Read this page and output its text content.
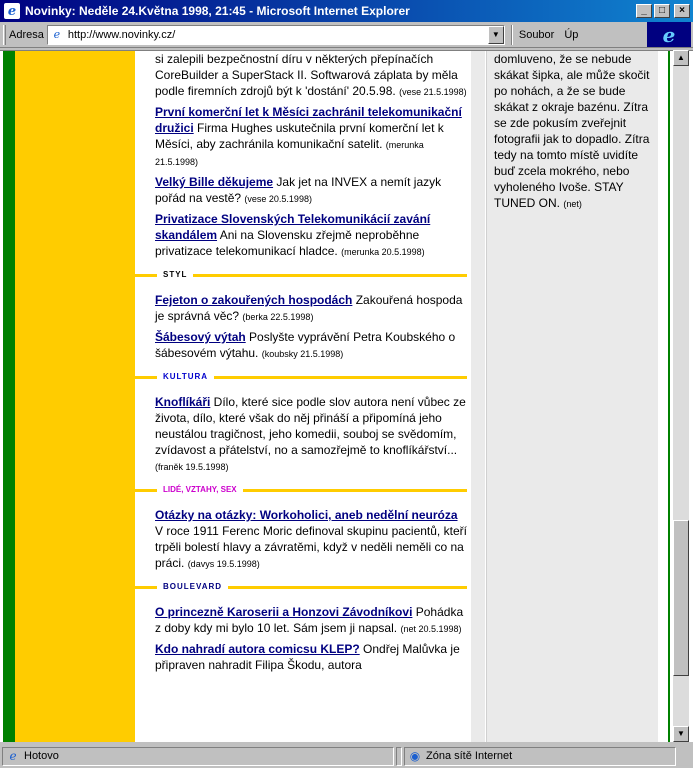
e Novinky: Neděle 24.Května 1998, 21:45 - Microsoft Internet Explorer	_	□	×
Adresa e http://www.novinky.cz/	▼	Soubor Úp	e
si zalepili bezpečnostní díru v některých přepínačích CoreBuilder a SuperStack II. Softwarová záplata by měla podle firemních zdrojů být k 'dostání' 20.5.98. (vese 21.5.1998)
První komerční let k Měsíci zachránil telekomunikační družici Firma Hughes uskutečnila první komerční let k Měsíci, aby zachránila komunikační satelit. (merunka 21.5.1998)
Velký Bille děkujeme Jak jet na INVEX a nemít jazyk pořád na vestě? (vese 20.5.1998)
Privatizace Slovenských Telekomunikácií zavání skandálem Ani na Slovensku zřejmě neproběhne privatizace telekomunikací hladce. (merunka 20.5.1998)
STYL
Fejeton o zakouřených hospodách Zakouřená hospoda je správná věc? (berka 22.5.1998)
Šábesový výtah Poslyšte vyprávění Petra Koubského o šábesovém výtahu. (koubsky 21.5.1998)
KULTURA
Knoflíkáři Dílo, které sice podle slov autora není vůbec ze života, dílo, které však do něj přináší a připomíná jeho neustálou tragičnost, jeho komedii, souboj se svědomím, zvídavost a přátelství, no a samozřejmě to knoflíkářství... (franěk 19.5.1998)
LIDÉ, VZTAHY, SEX
Otázky na otázky: Workoholici, aneb nedělní neuróza V roce 1911 Ferenc Moric definoval skupinu pacientů, kteří trpěli bolestí hlavy a závratěmi, když v neděli neměli co na práci. (davys 19.5.1998)
BOULEVARD
O princezně Karoserii a Honzovi Závodníkovi Pohádka z doby kdy mi bylo 10 let. Sám jsem ji napsal. (net 20.5.1998)
Kdo nahradí autora comicsu KLEP? Ondřej Malůvka je připraven nahradit Filipa Škodu, autora
domluveno, že se nebude skákat šipka, ale může skočit po nohách, a že se bude skákat z okraje bazénu. Zítra se zde pokusím zveřejnit fotografii jak to dopadlo. Zítra tedy na tomto místě uvidíte buď zcela mokrého, nebo vyholeného Ivoše. STAY TUNED ON. (net)
▲
▼
e Hotovo	◉ Zóna sítě Internet
